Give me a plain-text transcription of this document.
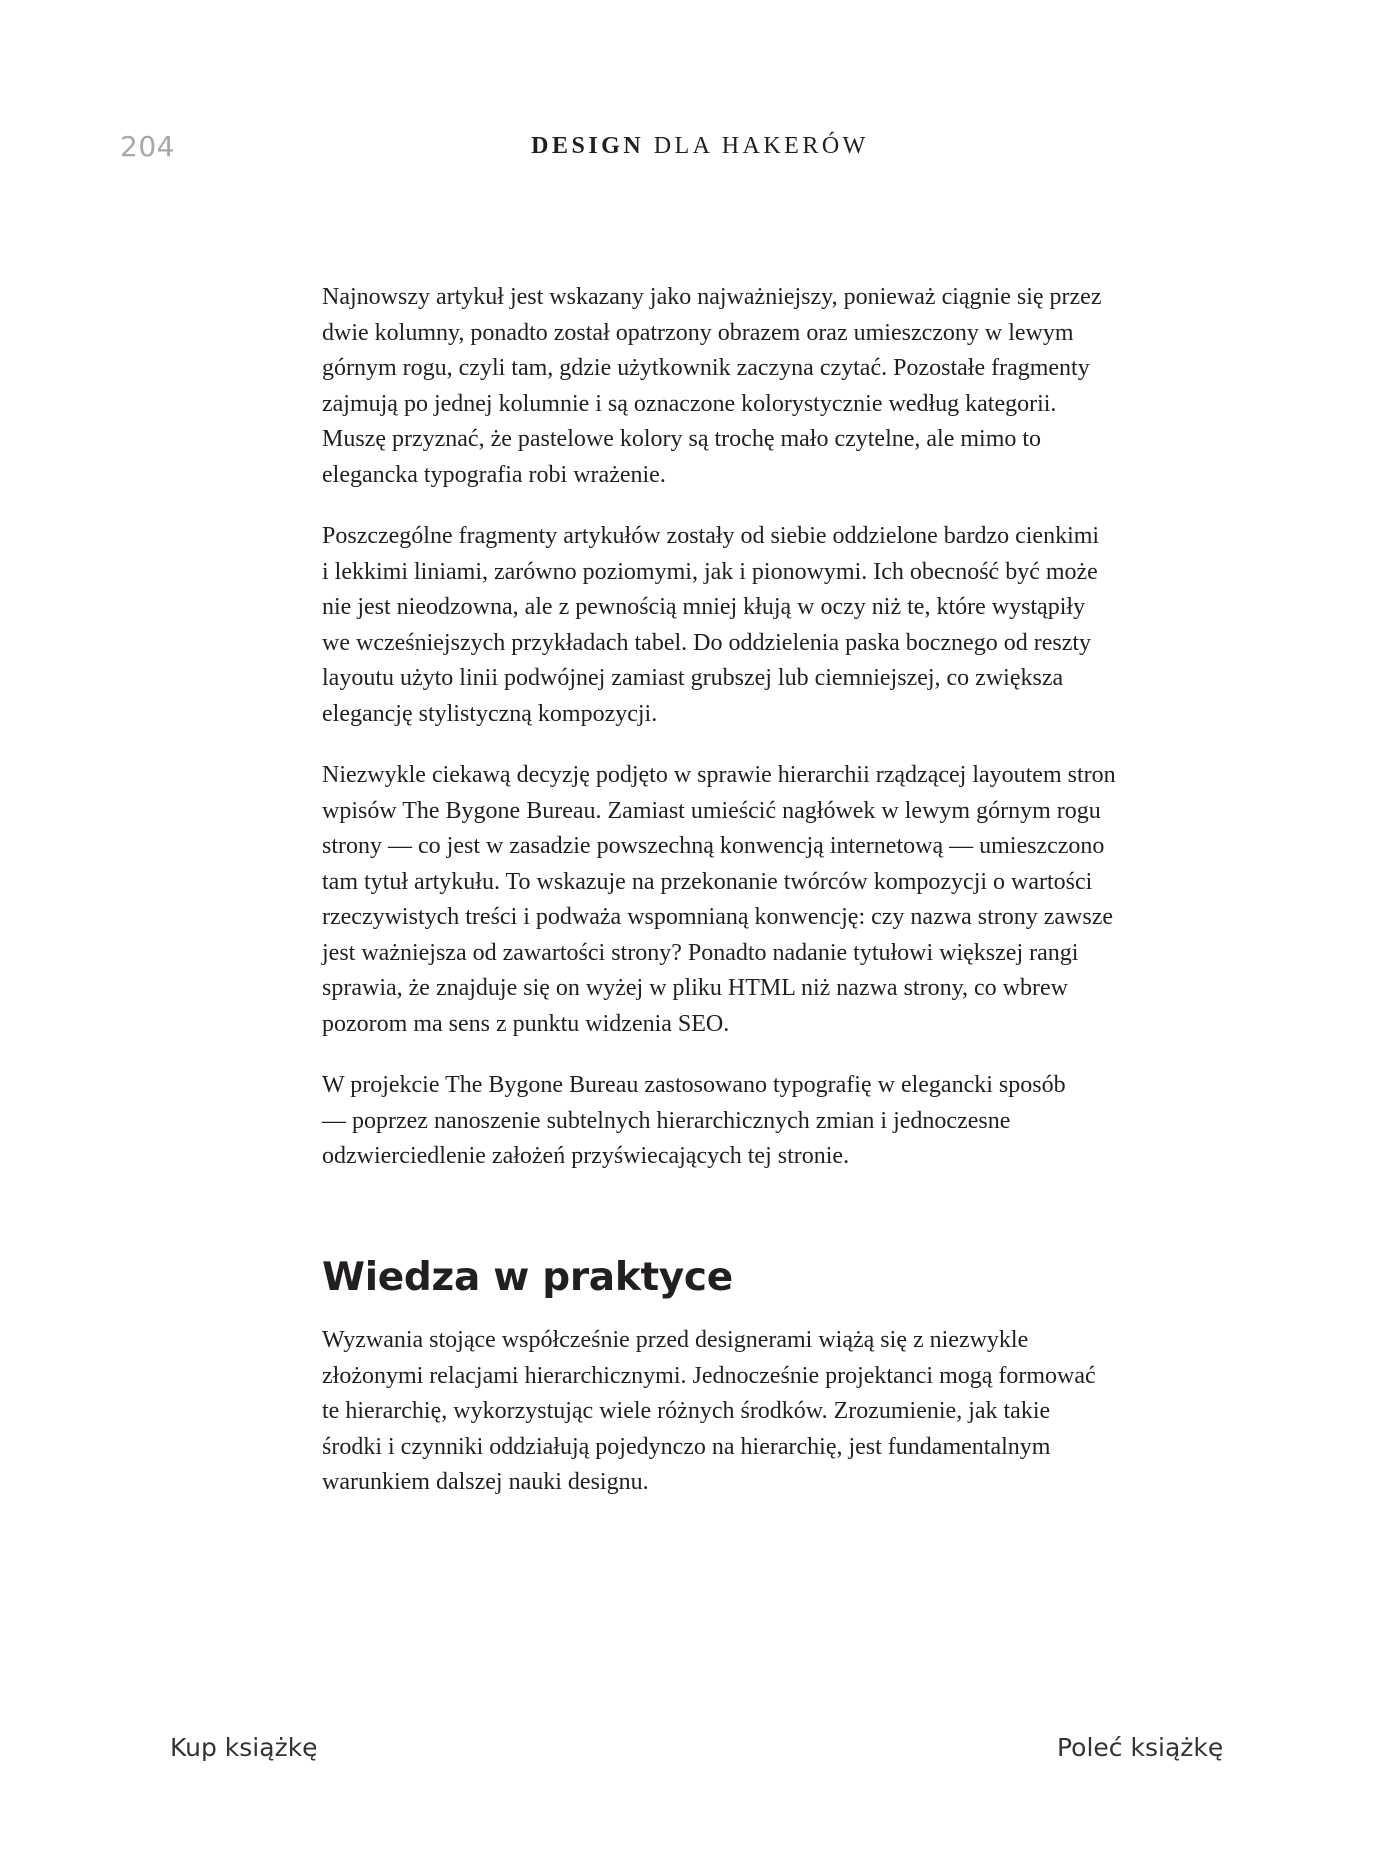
204	DESIGN DLA HAKERÓW

Najnowszy artykuł jest wskazany jako najważniejszy, ponieważ ciągnie się przez
dwie kolumny, ponadto został opatrzony obrazem oraz umieszczony w lewym
górnym rogu, czyli tam, gdzie użytkownik zaczyna czytać. Pozostałe fragmenty
zajmują po jednej kolumnie i są oznaczone kolorystycznie według kategorii.
Muszę przyznać, że pastelowe kolory są trochę mało czytelne, ale mimo to
elegancka typografia robi wrażenie.

Poszczególne fragmenty artykułów zostały od siebie oddzielone bardzo cienkimi
i lekkimi liniami, zarówno poziomymi, jak i pionowymi. Ich obecność być może
nie jest nieodzowna, ale z pewnością mniej kłują w oczy niż te, które wystąpiły
we wcześniejszych przykładach tabel. Do oddzielenia paska bocznego od reszty
layoutu użyto linii podwójnej zamiast grubszej lub ciemniejszej, co zwiększa
elegancję stylistyczną kompozycji.

Niezwykle ciekawą decyzję podjęto w sprawie hierarchii rządzącej layoutem stron
wpisów The Bygone Bureau. Zamiast umieścić nagłówek w lewym górnym rogu
strony — co jest w zasadzie powszechną konwencją internetową — umieszczono
tam tytuł artykułu. To wskazuje na przekonanie twórców kompozycji o wartości
rzeczywistych treści i podważa wspomnianą konwencję: czy nazwa strony zawsze
jest ważniejsza od zawartości strony? Ponadto nadanie tytułowi większej rangi
sprawia, że znajduje się on wyżej w pliku HTML niż nazwa strony, co wbrew
pozorom ma sens z punktu widzenia SEO.

W projekcie The Bygone Bureau zastosowano typografię w elegancki sposób
— poprzez nanoszenie subtelnych hierarchicznych zmian i jednoczesne
odzwierciedlenie założeń przyświecających tej stronie.

Wiedza w praktyce

Wyzwania stojące współcześnie przed designerami wiążą się z niezwykle
złożonymi relacjami hierarchicznymi. Jednocześnie projektanci mogą formować
te hierarchię, wykorzystując wiele różnych środków. Zrozumienie, jak takie
środki i czynniki oddziałują pojedynczo na hierarchię, jest fundamentalnym
warunkiem dalszej nauki designu.

Kup książkę	Poleć książkę
